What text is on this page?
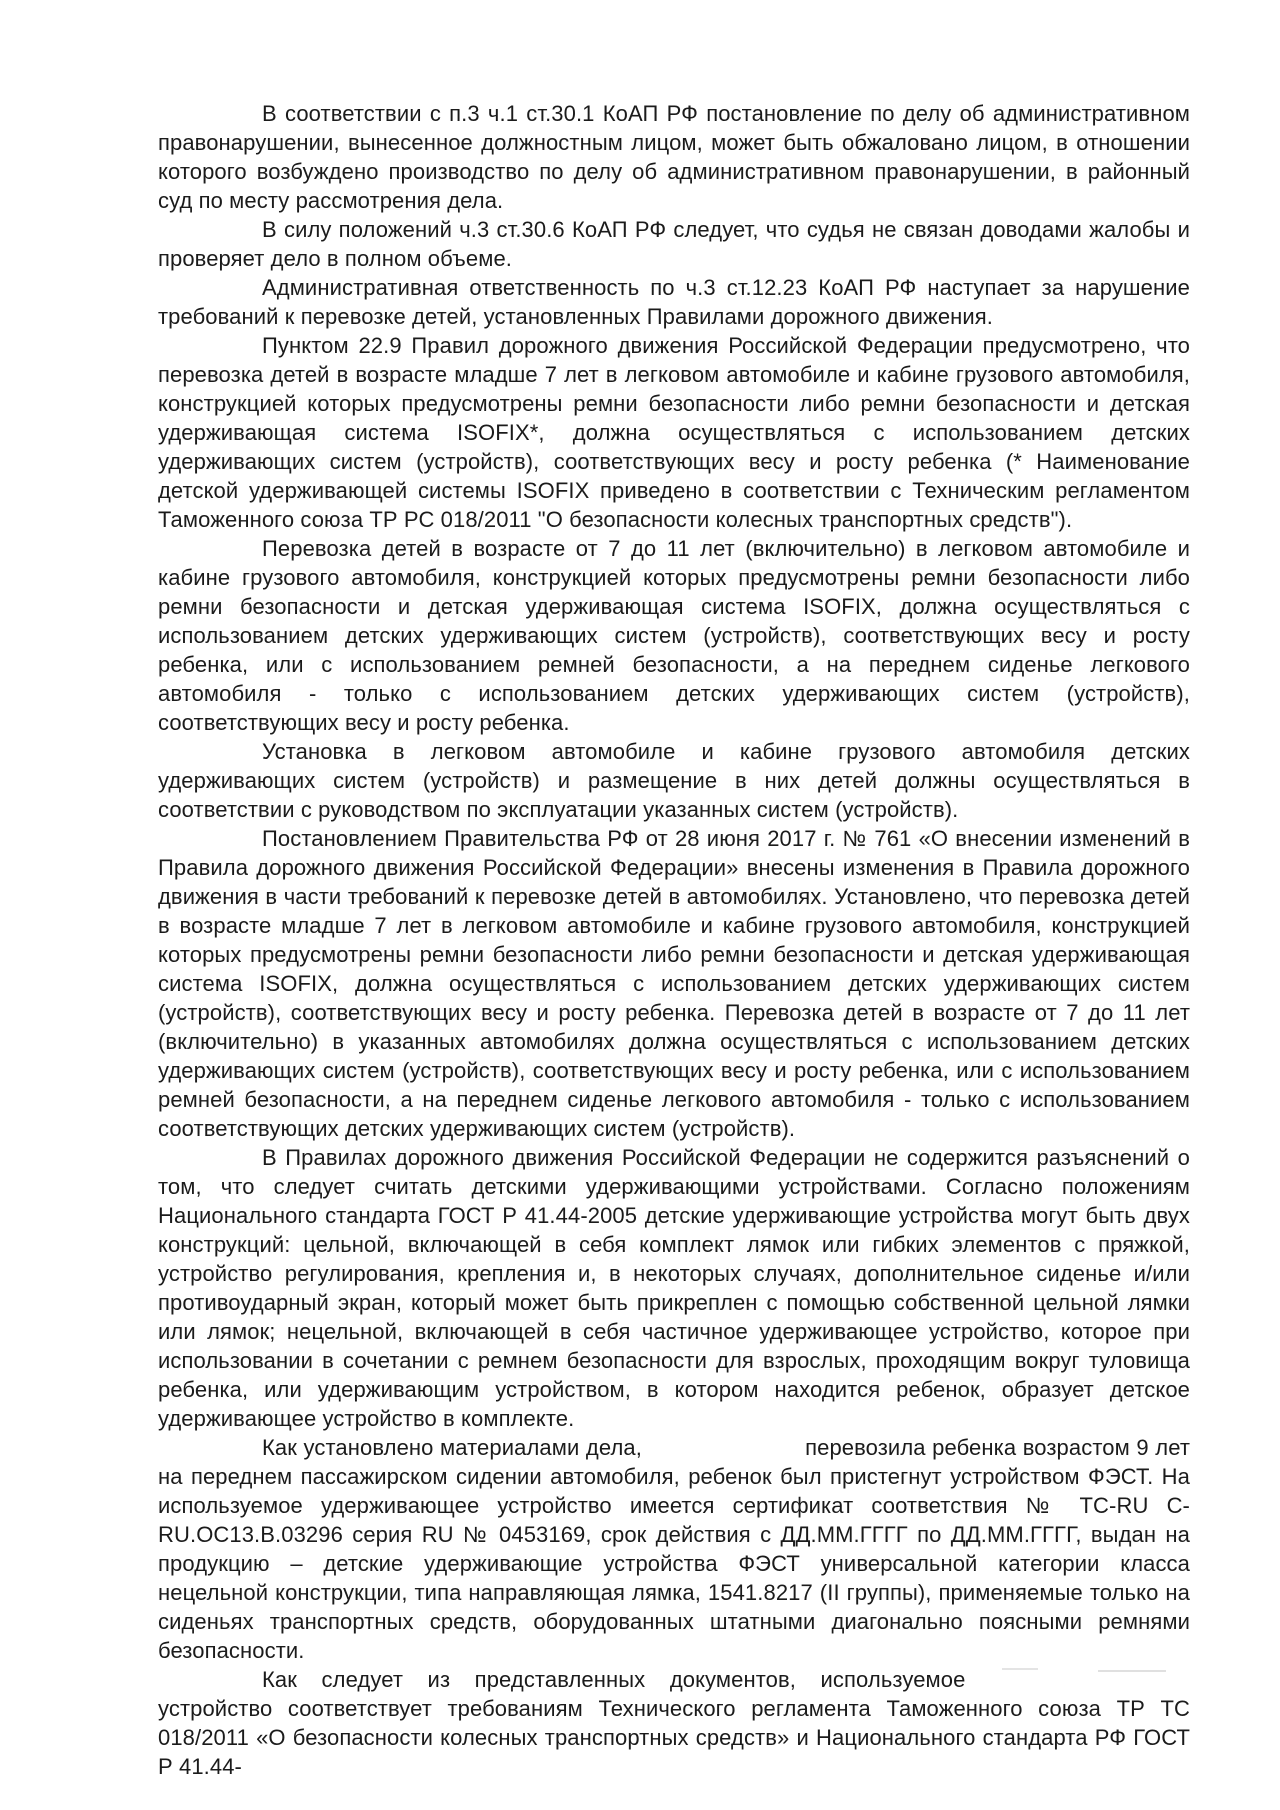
В соответствии с п.3 ч.1 ст.30.1 КоАП РФ постановление по делу об административном правонарушении, вынесенное должностным лицом, может быть обжаловано лицом, в отношении которого возбуждено производство по делу об административном правонарушении, в районный суд по месту рассмотрения дела.

В силу положений ч.3 ст.30.6 КоАП РФ следует, что судья не связан доводами жалобы и проверяет дело в полном объеме.

Административная ответственность по ч.3 ст.12.23 КоАП РФ наступает за нарушение требований к перевозке детей, установленных Правилами дорожного движения.

Пунктом 22.9 Правил дорожного движения Российской Федерации предусмотрено, что перевозка детей в возрасте младше 7 лет в легковом автомобиле и кабине грузового автомобиля, конструкцией которых предусмотрены ремни безопасности либо ремни безопасности и детская удерживающая система ISOFIX*, должна осуществляться с использованием детских удерживающих систем (устройств), соответствующих весу и росту ребенка (* Наименование детской удерживающей системы ISOFIX приведено в соответствии с Техническим регламентом Таможенного союза ТР РС 018/2011 "О безопасности колесных транспортных средств").

Перевозка детей в возрасте от 7 до 11 лет (включительно) в легковом автомобиле и кабине грузового автомобиля, конструкцией которых предусмотрены ремни безопасности либо ремни безопасности и детская удерживающая система ISOFIX, должна осуществляться с использованием детских удерживающих систем (устройств), соответствующих весу и росту ребенка, или с использованием ремней безопасности, а на переднем сиденье легкового автомобиля - только с использованием детских удерживающих систем (устройств), соответствующих весу и росту ребенка.

Установка в легковом автомобиле и кабине грузового автомобиля детских удерживающих систем (устройств) и размещение в них детей должны осуществляться в соответствии с руководством по эксплуатации указанных систем (устройств).

Постановлением Правительства РФ от 28 июня 2017 г. № 761 «О внесении изменений в Правила дорожного движения Российской Федерации» внесены изменения в Правила дорожного движения в части требований к перевозке детей в автомобилях. Установлено, что перевозка детей в возрасте младше 7 лет в легковом автомобиле и кабине грузового автомобиля, конструкцией которых предусмотрены ремни безопасности либо ремни безопасности и детская удерживающая система ISOFIX, должна осуществляться с использованием детских удерживающих систем (устройств), соответствующих весу и росту ребенка. Перевозка детей в возрасте от 7 до 11 лет (включительно) в указанных автомобилях должна осуществляться с использованием детских удерживающих систем (устройств), соответствующих весу и росту ребенка, или с использованием ремней безопасности, а на переднем сиденье легкового автомобиля - только с использованием соответствующих детских удерживающих систем (устройств).

В Правилах дорожного движения Российской Федерации не содержится разъяснений о том, что следует считать детскими удерживающими устройствами. Согласно положениям Национального стандарта ГОСТ Р 41.44-2005 детские удерживающие устройства могут быть двух конструкций: цельной, включающей в себя комплект лямок или гибких элементов с пряжкой, устройство регулирования, крепления и, в некоторых случаях, дополнительное сиденье и/или противоударный экран, который может быть прикреплен с помощью собственной цельной лямки или лямок; нецельной, включающей в себя частичное удерживающее устройство, которое при использовании в сочетании с ремнем безопасности для взрослых, проходящим вокруг туловища ребенка, или удерживающим устройством, в котором находится ребенок, образует детское удерживающее устройство в комплекте.

Как установлено материалами дела,	перевозила ребенка возрастом 9 лет на переднем пассажирском сидении автомобиля, ребенок был пристегнут устройством ФЭСТ. На используемое удерживающее устройство имеется сертификат соответствия № ТС-RU С- RU.ОС13.В.03296 серия RU № 0453169, срок действия с ДД.ММ.ГГГГ по ДД.ММ.ГГГГ, выдан на продукцию – детские удерживающие устройства ФЭСТ универсальной категории класса нецельной конструкции, типа направляющая лямка, 1541.8217 (II группы), применяемые только на сиденьях транспортных средств, оборудованных штатными диагонально поясными ремнями безопасности.

Как следует из представленных документов, используемое  устройство соответствует требованиям Технического регламента Таможенного союза ТР ТС 018/2011 «О безопасности колесных транспортных средств» и Национального стандарта РФ ГОСТ Р 41.44-
